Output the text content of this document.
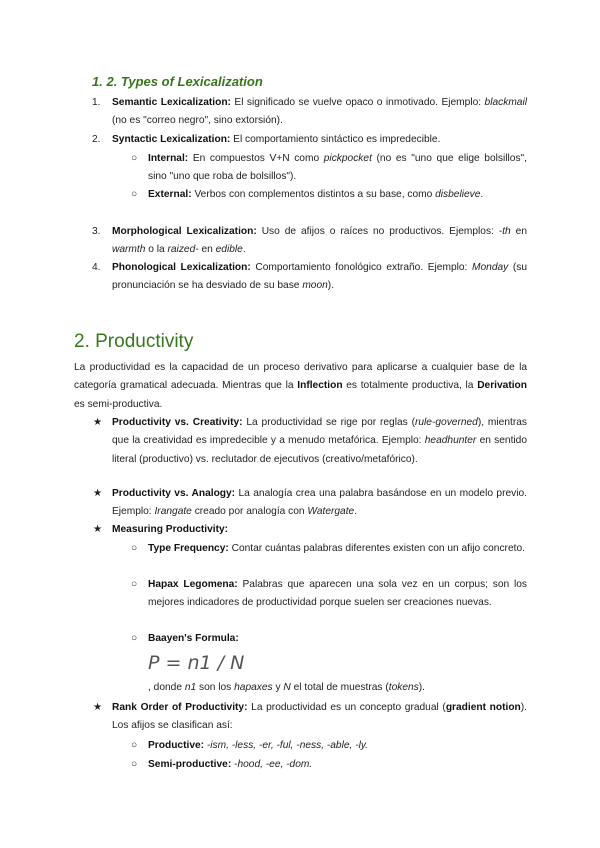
1. 2. Types of Lexicalization
1. Semantic Lexicalization: El significado se vuelve opaco o inmotivado. Ejemplo: blackmail (no es "correo negro", sino extorsión).
2. Syntactic Lexicalization: El comportamiento sintáctico es impredecible.
○ Internal: En compuestos V+N como pickpocket (no es "uno que elige bolsillos", sino "uno que roba de bolsillos").
○ External: Verbos con complementos distintos a su base, como disbelieve.
3. Morphological Lexicalization: Uso de afijos o raíces no productivos. Ejemplos: -th en warmth o la raized- en edible.
4. Phonological Lexicalization: Comportamiento fonológico extraño. Ejemplo: Monday (su pronunciación se ha desviado de su base moon).
2. Productivity
La productividad es la capacidad de un proceso derivativo para aplicarse a cualquier base de la categoría gramatical adecuada. Mientras que la Inflection es totalmente productiva, la Derivation es semi-productiva.
★ Productivity vs. Creativity: La productividad se rige por reglas (rule-governed), mientras que la creatividad es impredecible y a menudo metafórica. Ejemplo: headhunter en sentido literal (productivo) vs. reclutador de ejecutivos (creativo/metafórico).
★ Productivity vs. Analogy: La analogía crea una palabra basándose en un modelo previo. Ejemplo: Irangate creado por analogía con Watergate.
★ Measuring Productivity:
○ Type Frequency: Contar cuántas palabras diferentes existen con un afijo concreto.
○ Hapax Legomena: Palabras que aparecen una sola vez en un corpus; son los mejores indicadores de productividad porque suelen ser creaciones nuevas.
○ Baayen's Formula:
P = n1 / N
, donde n1 son los hapaxes y N el total de muestras (tokens).
★ Rank Order of Productivity: La productividad es un concepto gradual (gradient notion). Los afijos se clasifican así:
○ Productive: -ism, -less, -er, -ful, -ness, -able, -ly.
○ Semi-productive: -hood, -ee, -dom.
